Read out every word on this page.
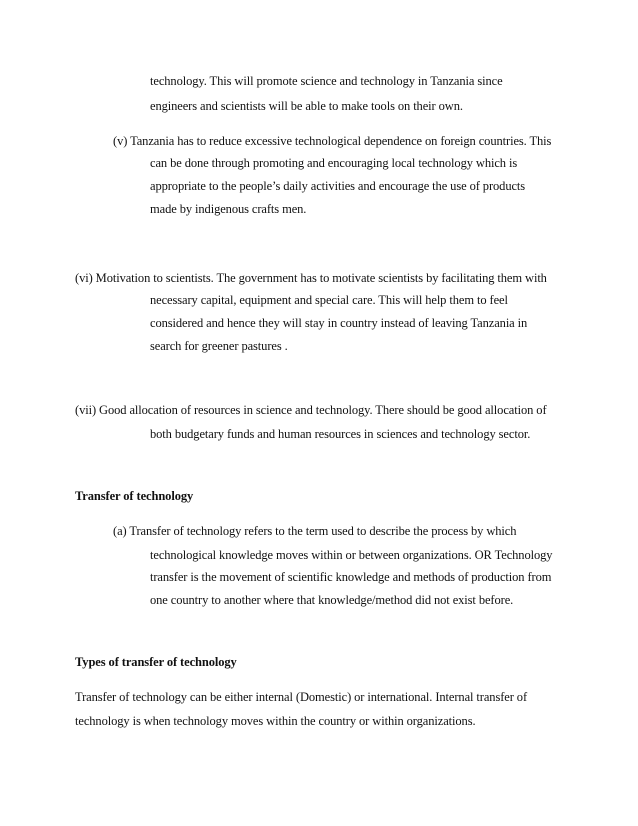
technology. This will promote science and technology in Tanzania since
engineers and scientists will be able to make tools on their own.
(v) Tanzania has to reduce excessive technological dependence on foreign countries. This
can be done through promoting and encouraging local technology which is
appropriate to the people’s daily activities and encourage the use of products
made by indigenous crafts men.
(vi) Motivation to scientists. The government has to motivate scientists by facilitating them with
necessary capital, equipment and special care. This will help them to feel
considered and hence they will stay in country instead of leaving Tanzania in
search for greener pastures .
(vii) Good allocation of resources in science and technology. There should be good allocation of
both budgetary funds and human resources in sciences and technology sector.
Transfer of technology
(a) Transfer of technology refers to the term used to describe the process by which
technological knowledge moves within or between organizations. OR Technology
transfer is the movement of scientific knowledge and methods of production from
one country to another where that knowledge/method did not exist before.
Types of transfer of technology
Transfer of technology can be either internal (Domestic) or international. Internal transfer of
technology is when technology moves within the country or within organizations.
